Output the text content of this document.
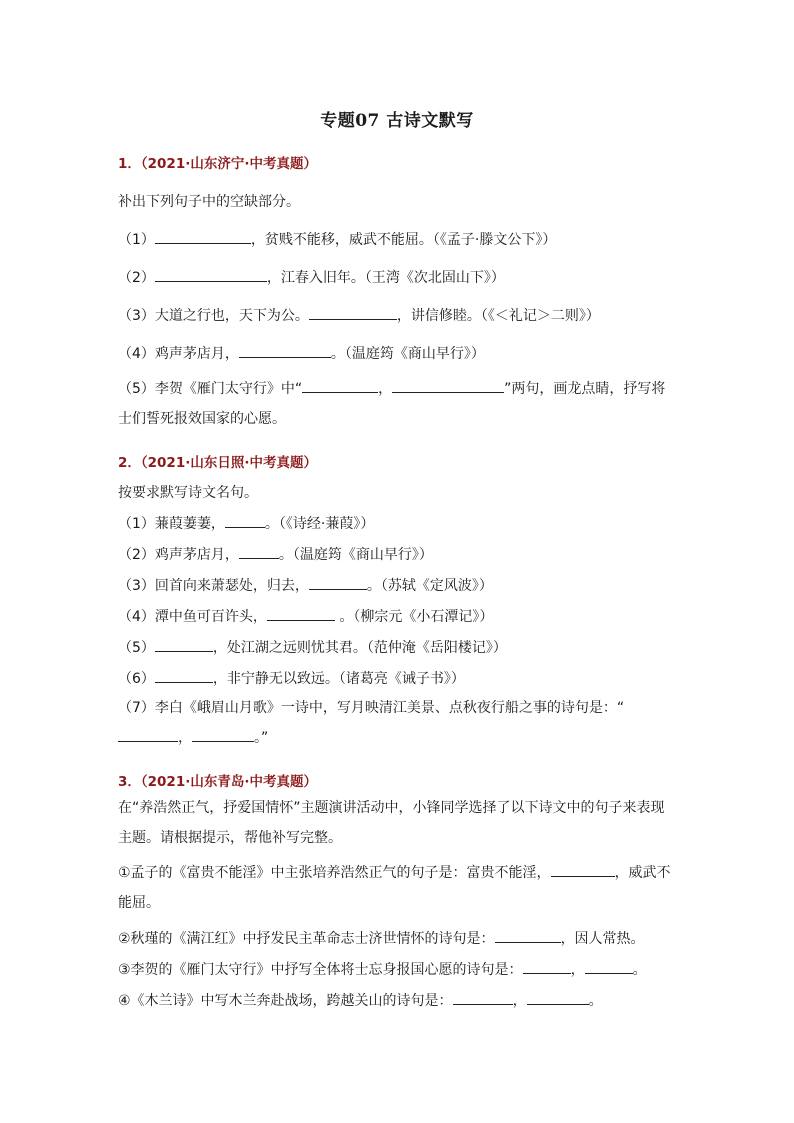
专题07 古诗文默写
1．（2021·山东济宁·中考真题）
补出下列句子中的空缺部分。
（1）	，贫贱不能移，威武不能屈。（《孟子·滕文公下》）
（2）	，江春入旧年。（王湾《次北固山下》）
（3）大道之行也，天下为公。	，讲信修睦。（《＜礼记＞二则》）
（4）鸡声茅店月，	。（温庭筠《商山早行》）
（5）李贺《雁门太守行》中“	，	”两句，画龙点睛，抒写将士们誓死报效国家的心愿。
2．（2021·山东日照·中考真题）
按要求默写诗文名句。
（1）蒹葭萋萋，	。（《诗经·蒹葭》）
（2）鸡声茅店月，	。（温庭筠《商山早行》）
（3）回首向来萧瑟处，归去，	。（苏轼《定风波》）
（4）潭中鱼可百许头，	。（柳宗元《小石潭记》）
（5）	，处江湖之远则忧其君。（范仲淹《岳阳楼记》）
（6）	，非宁静无以致远。（诸葛亮《诫子书》）
（7）李白《峨眉山月歌》一诗中，写月映清江美景、点秋夜行船之事的诗句是：“，	。”
3．（2021·山东青岛·中考真题）
在“养浩然正气，抒爱国情怀”主题演讲活动中，小锋同学选择了以下诗文中的句子来表现主题。请根据提示，帮他补写完整。
①孟子的《富贵不能淫》中主张培养浩然正气的句子是：富贵不能淫，	，威武不能屈。
②秋瑾的《满江红》中抒发民主革命志士济世情怀的诗句是：	，因人常热。
③李贺的《雁门太守行》中抒写全体将士忘身报国心愿的诗句是：	，	。
④《木兰诗》中写木兰奔赴战场，跨越关山的诗句是：	，	。
